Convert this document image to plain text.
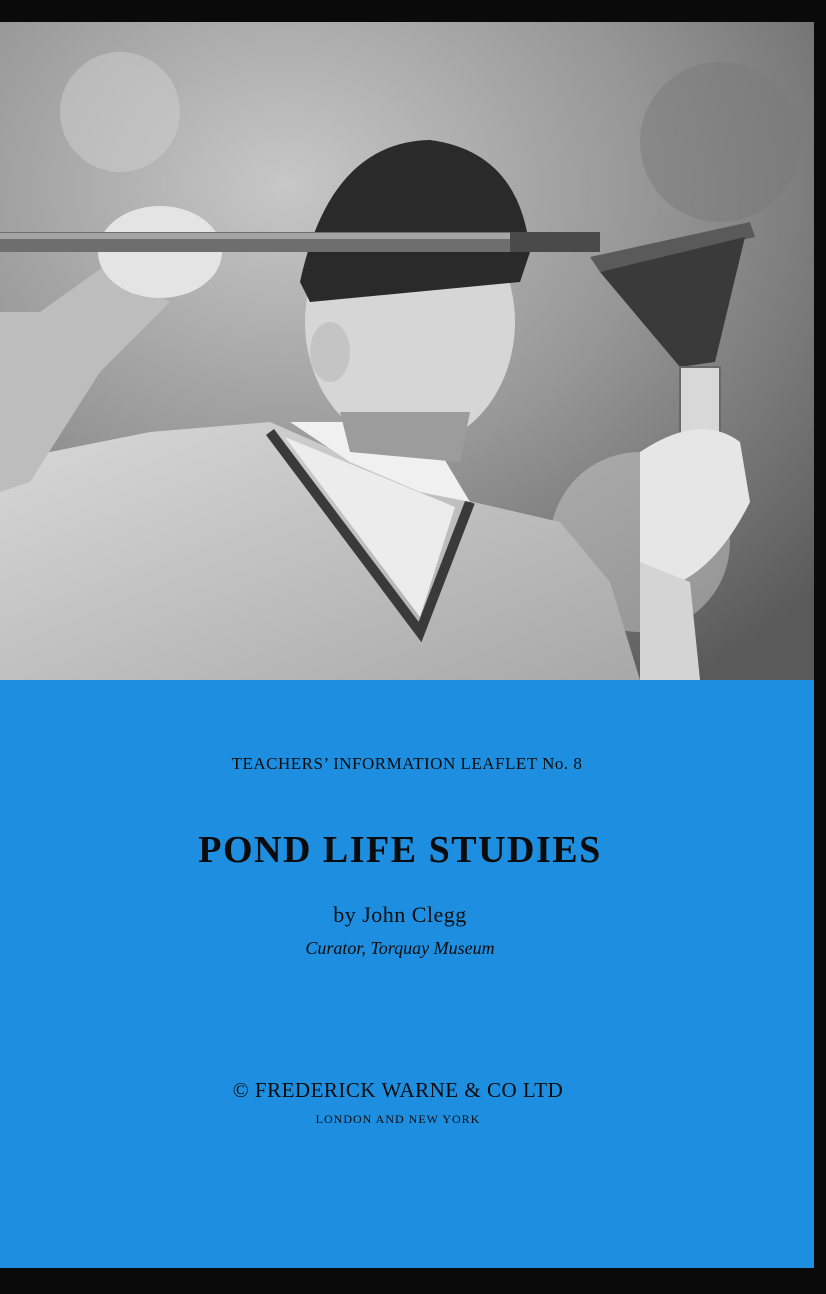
TEACHERS’ INFORMATION LEAFLET No. 8
POND LIFE STUDIES
by John Clegg
Curator, Torquay Museum
© FREDERICK WARNE & CO LTD
LONDON AND NEW YORK
